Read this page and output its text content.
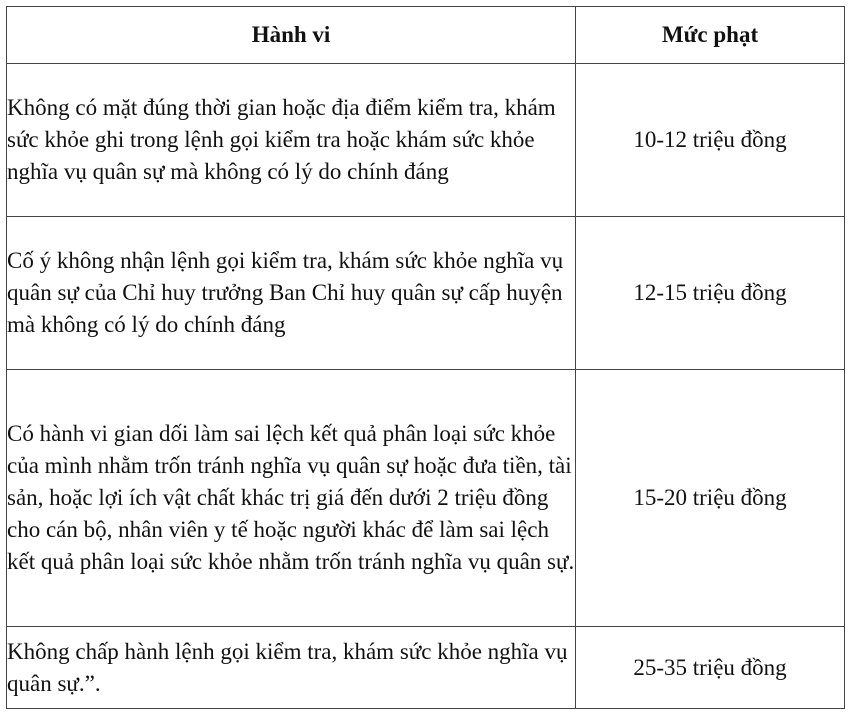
Hành vi	Mức phạt
Không có mặt đúng thời gian hoặc địa điểm kiểm tra, khám sức khỏe ghi trong lệnh gọi kiểm tra hoặc khám sức khỏe nghĩa vụ quân sự mà không có lý do chính đáng	10-12 triệu đồng
Cố ý không nhận lệnh gọi kiểm tra, khám sức khỏe nghĩa vụ quân sự của Chỉ huy trưởng Ban Chỉ huy quân sự cấp huyện mà không có lý do chính đáng	12-15 triệu đồng
Có hành vi gian dối làm sai lệch kết quả phân loại sức khỏe của mình nhằm trốn tránh nghĩa vụ quân sự hoặc đưa tiền, tài sản, hoặc lợi ích vật chất khác trị giá đến dưới 2 triệu đồng cho cán bộ, nhân viên y tế hoặc người khác để làm sai lệch kết quả phân loại sức khỏe nhằm trốn tránh nghĩa vụ quân sự.	15-20 triệu đồng
Không chấp hành lệnh gọi kiểm tra, khám sức khỏe nghĩa vụ quân sự.”.	25-35 triệu đồng
